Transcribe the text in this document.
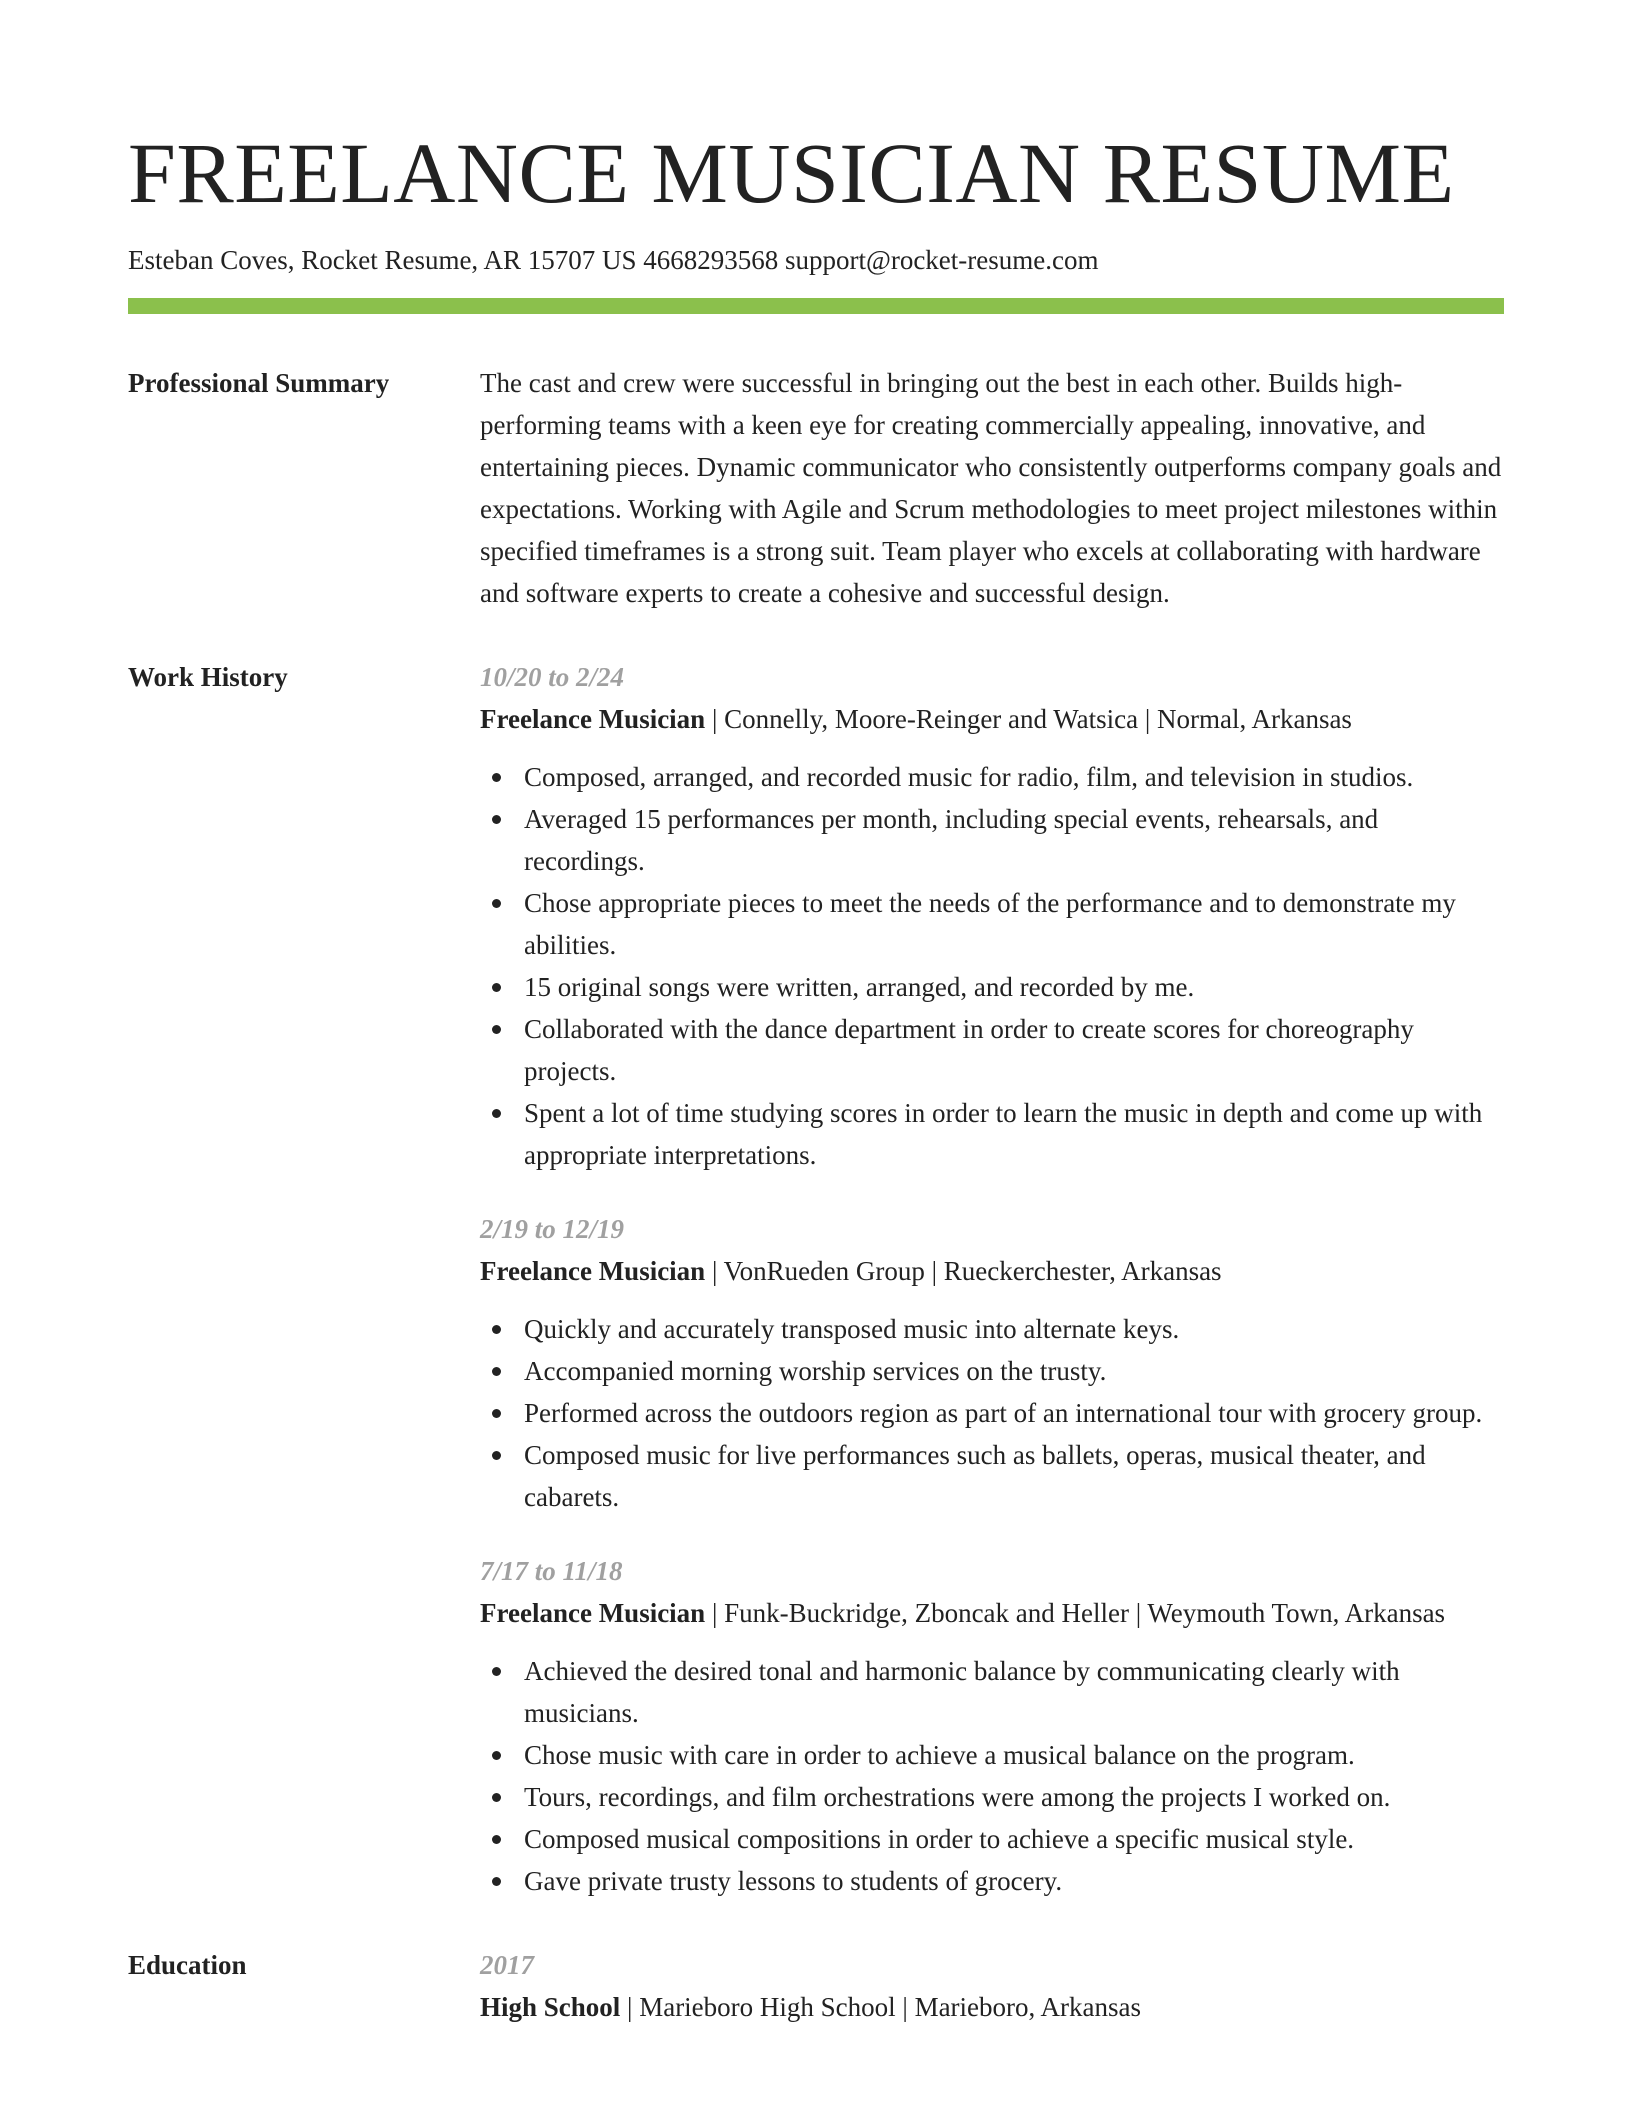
FREELANCE MUSICIAN RESUME
Esteban Coves, Rocket Resume, AR 15707 US 4668293568 support@rocket-resume.com
Professional Summary	The cast and crew were successful in bringing out the best in each other. Builds high-performing teams with a keen eye for creating commercially appealing, innovative, and entertaining pieces. Dynamic communicator who consistently outperforms company goals and expectations. Working with Agile and Scrum methodologies to meet project milestones within specified timeframes is a strong suit. Team player who excels at collaborating with hardware and software experts to create a cohesive and successful design.

Work History	10/20 to 2/24
Freelance Musician | Connelly, Moore-Reinger and Watsica | Normal, Arkansas
Composed, arranged, and recorded music for radio, film, and television in studios.
Averaged 15 performances per month, including special events, rehearsals, and recordings.
Chose appropriate pieces to meet the needs of the performance and to demonstrate my abilities.
15 original songs were written, arranged, and recorded by me.
Collaborated with the dance department in order to create scores for choreography projects.
Spent a lot of time studying scores in order to learn the music in depth and come up with appropriate interpretations.
2/19 to 12/19
Freelance Musician | VonRueden Group | Rueckerchester, Arkansas
Quickly and accurately transposed music into alternate keys.
Accompanied morning worship services on the trusty.
Performed across the outdoors region as part of an international tour with grocery group.
Composed music for live performances such as ballets, operas, musical theater, and cabarets.
7/17 to 11/18
Freelance Musician | Funk-Buckridge, Zboncak and Heller | Weymouth Town, Arkansas
Achieved the desired tonal and harmonic balance by communicating clearly with musicians.
Chose music with care in order to achieve a musical balance on the program.
Tours, recordings, and film orchestrations were among the projects I worked on.
Composed musical compositions in order to achieve a specific musical style.
Gave private trusty lessons to students of grocery.
Education	2017
High School | Marieboro High School | Marieboro, Arkansas
